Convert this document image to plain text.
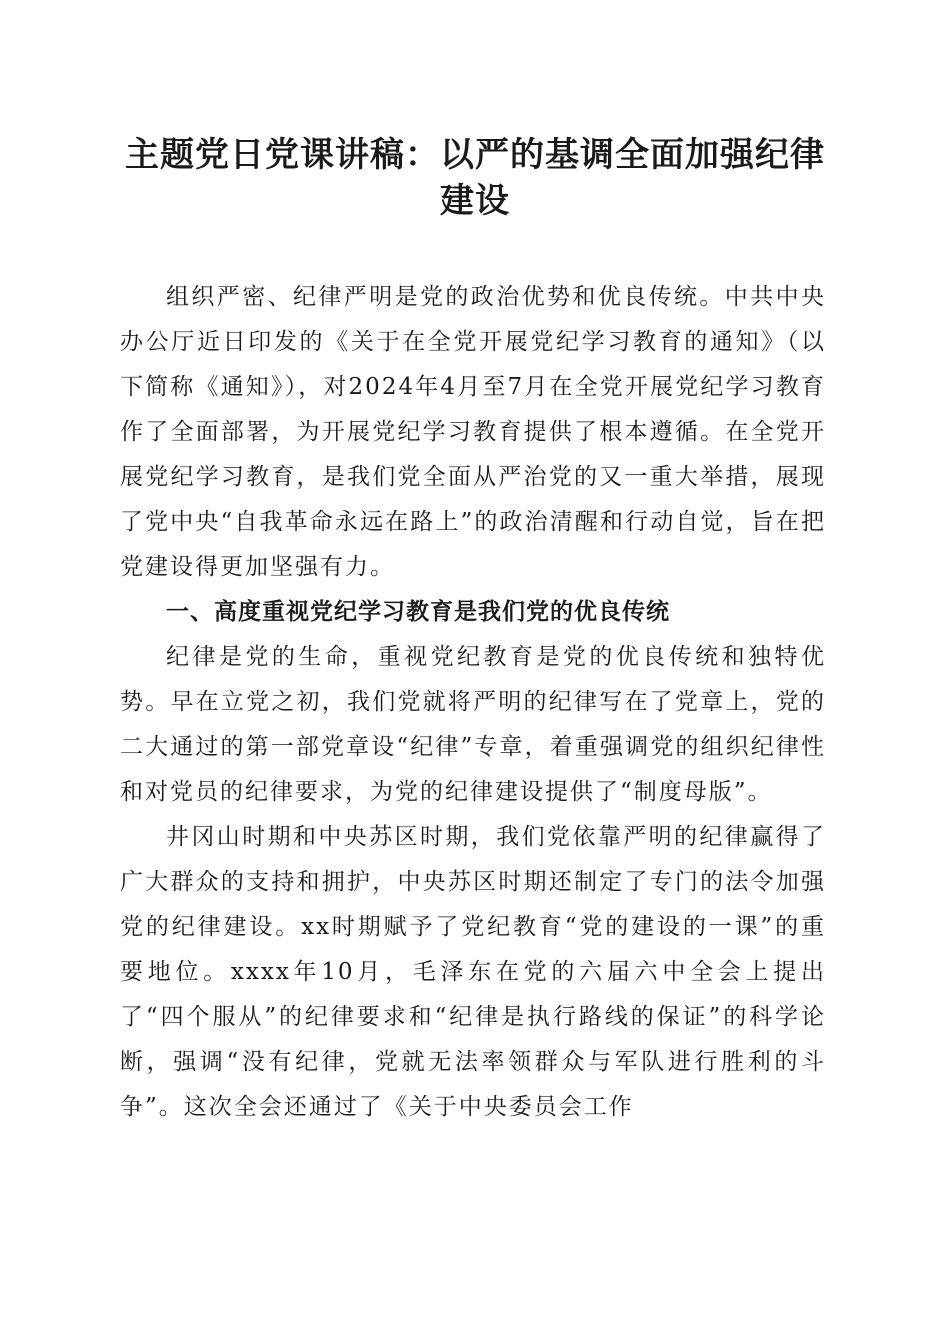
主题党日党课讲稿：以严的基调全面加强纪律建设

组织严密、纪律严明是党的政治优势和优良传统。中共中央办公厅近日印发的《关于在全党开展党纪学习教育的通知》（以下简称《通知》），对2024年4月至7月在全党开展党纪学习教育作了全面部署，为开展党纪学习教育提供了根本遵循。在全党开展党纪学习教育，是我们党全面从严治党的又一重大举措，展现了党中央“自我革命永远在路上”的政治清醒和行动自觉，旨在把党建设得更加坚强有力。

一、高度重视党纪学习教育是我们党的优良传统

纪律是党的生命，重视党纪教育是党的优良传统和独特优势。早在立党之初，我们党就将严明的纪律写在了党章上，党的二大通过的第一部党章设“纪律”专章，着重强调党的组织纪律性和对党员的纪律要求，为党的纪律建设提供了“制度母版”。

井冈山时期和中央苏区时期，我们党依靠严明的纪律赢得了广大群众的支持和拥护，中央苏区时期还制定了专门的法令加强党的纪律建设。xx时期赋予了党纪教育“党的建设的一课”的重要地位。xxxx年10月，毛泽东在党的六届六中全会上提出了“四个服从”的纪律要求和“纪律是执行路线的保证”的科学论断，强调“没有纪律，党就无法率领群众与军队进行胜利的斗争”。这次全会还通过了《关于中央委员会工作
